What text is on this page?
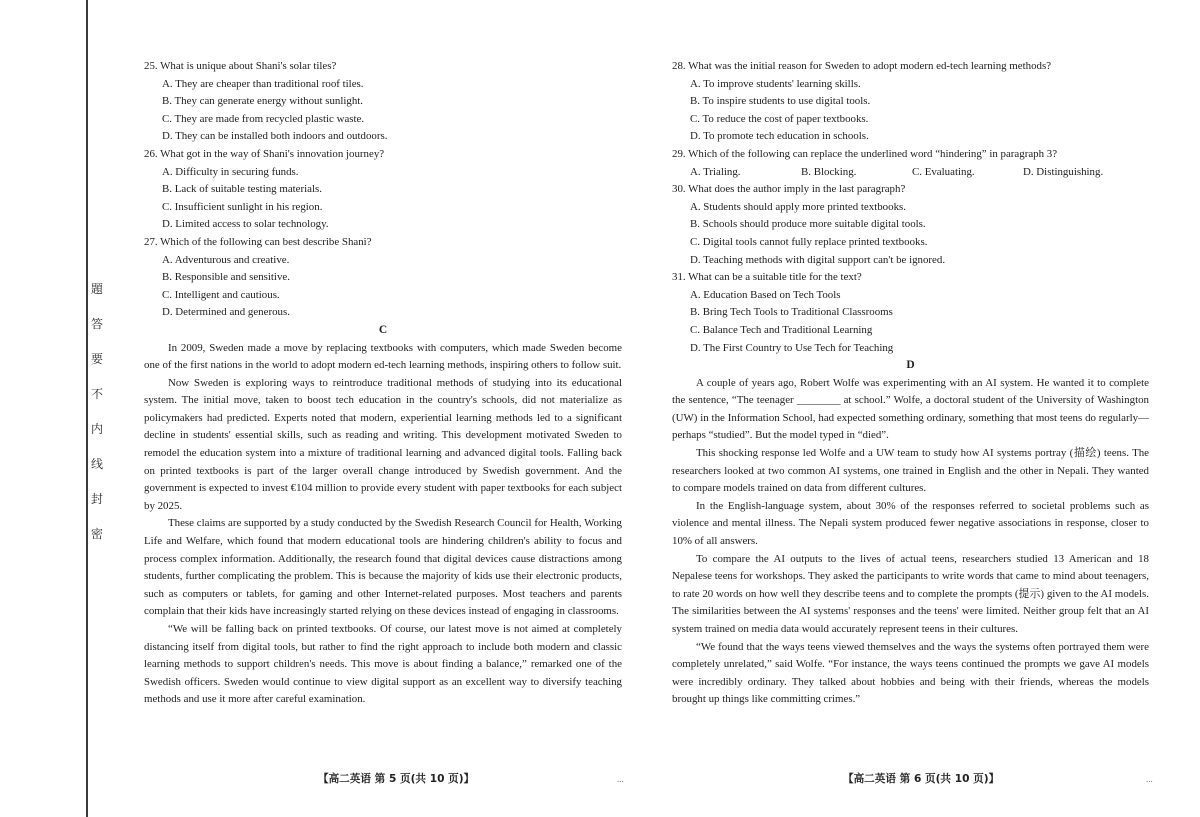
題
答
要
不
内
线
封
密

25. What is unique about Shani's solar tiles?

A. They are cheaper than traditional roof tiles.

B. They can generate energy without sunlight.

C. They are made from recycled plastic waste.

D. They can be installed both indoors and outdoors.

26. What got in the way of Shani's innovation journey?

A. Difficulty in securing funds.

B. Lack of suitable testing materials.

C. Insufficient sunlight in his region.

D. Limited access to solar technology.

27. Which of the following can best describe Shani?

A. Adventurous and creative.

B. Responsible and sensitive.

C. Intelligent and cautious.

D. Determined and generous.

C

In 2009, Sweden made a move by replacing textbooks with computers, which made Sweden become one of the first nations in the world to adopt modern ed-tech learning methods, inspiring others to follow suit.

Now Sweden is exploring ways to reintroduce traditional methods of studying into its educational system. The initial move, taken to boost tech education in the country's schools, did not materialize as policymakers had predicted. Experts noted that modern, experiential learning methods led to a significant decline in students' essential skills, such as reading and writing. This development motivated Sweden to remodel the education system into a mixture of traditional learning and advanced digital tools. Falling back on printed textbooks is part of the larger overall change introduced by Swedish government. And the government is expected to invest €104 million to provide every student with paper textbooks for each subject by 2025.

These claims are supported by a study conducted by the Swedish Research Council for Health, Working Life and Welfare, which found that modern educational tools are hindering children's ability to focus and process complex information. Additionally, the research found that digital devices cause distractions among students, further complicating the problem. This is because the majority of kids use their electronic products, such as computers or tablets, for gaming and other Internet-related purposes. Most teachers and parents complain that their kids have increasingly started relying on these devices instead of engaging in classrooms.

“We will be falling back on printed textbooks. Of course, our latest move is not aimed at completely distancing itself from digital tools, but rather to find the right approach to include both modern and classic learning methods to support children's needs. This move is about finding a balance,” remarked one of the Swedish officers. Sweden would continue to view digital support as an excellent way to diversify teaching methods and use it more after careful examination.

28. What was the initial reason for Sweden to adopt modern ed-tech learning methods?

A. To improve students' learning skills.

B. To inspire students to use digital tools.

C. To reduce the cost of paper textbooks.

D. To promote tech education in schools.

29. Which of the following can replace the underlined word “hindering” in paragraph 3?

A. Trialing.	B. Blocking.	C. Evaluating.	D. Distinguishing.

30. What does the author imply in the last paragraph?

A. Students should apply more printed textbooks.

B. Schools should produce more suitable digital tools.

C. Digital tools cannot fully replace printed textbooks.

D. Teaching methods with digital support can't be ignored.

31. What can be a suitable title for the text?

A. Education Based on Tech Tools

B. Bring Tech Tools to Traditional Classrooms

C. Balance Tech and Traditional Learning

D. The First Country to Use Tech for Teaching

D

A couple of years ago, Robert Wolfe was experimenting with an AI system. He wanted it to complete the sentence, “The teenager ________ at school.” Wolfe, a doctoral student of the University of Washington (UW) in the Information School, had expected something ordinary, something that most teens do regularly—perhaps “studied”. But the model typed in “died”.

This shocking response led Wolfe and a UW team to study how AI systems portray (描绘) teens. The researchers looked at two common AI systems, one trained in English and the other in Nepali. They wanted to compare models trained on data from different cultures.

In the English-language system, about 30% of the responses referred to societal problems such as violence and mental illness. The Nepali system produced fewer negative associations in response, closer to 10% of all answers.

To compare the AI outputs to the lives of actual teens, researchers studied 13 American and 18 Nepalese teens for workshops. They asked the participants to write words that came to mind about teenagers, to rate 20 words on how well they describe teens and to complete the prompts (提示) given to the AI models. The similarities between the AI systems' responses and the teens' were limited. Neither group felt that an AI system trained on media data would accurately represent teens in their cultures.

“We found that the ways teens viewed themselves and the ways the systems often portrayed them were completely unrelated,” said Wolfe. “For instance, the ways teens continued the prompts we gave AI models were incredibly ordinary. They talked about hobbies and being with their friends, whereas the models brought up things like committing crimes.”

【高二英语 第 5 页(共 10 页)】	【高二英语 第 6 页(共 10 页)】
...	...
